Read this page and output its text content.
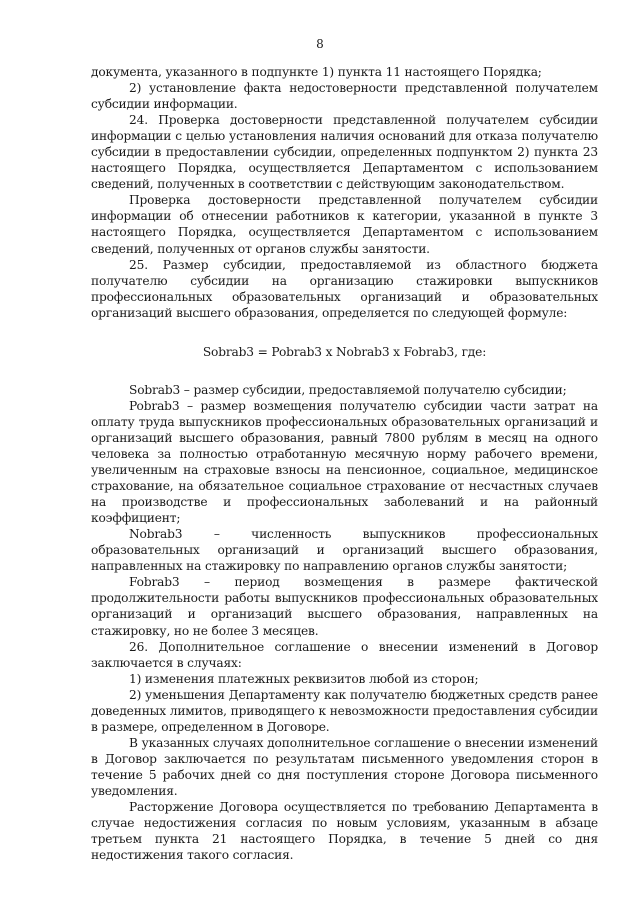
8

документа, указанного в подпункте 1) пункта 11 настоящего Порядка;

2) установление факта недостоверности представленной получателем субсидии информации.

24. Проверка достоверности представленной получателем субсидии информации с целью установления наличия оснований для отказа получателю субсидии в предоставлении субсидии, определенных подпунктом 2) пункта 23 настоящего Порядка, осуществляется Департаментом с использованием сведений, полученных в соответствии с действующим законодательством.

Проверка достоверности представленной получателем субсидии информации об отнесении работников к категории, указанной в пункте 3 настоящего Порядка, осуществляется Департаментом с использованием сведений, полученных от органов службы занятости.

25. Размер субсидии, предоставляемой из областного бюджета получателю субсидии на организацию стажировки выпускников профессиональных образовательных организаций и образовательных организаций высшего образования, определяется по следующей формуле:

Sobrab3 = Pobrab3 x Nobrab3 x Fobrab3, где:

Sobrab3 – размер субсидии, предоставляемой получателю субсидии;

Pobrab3 – размер возмещения получателю субсидии части затрат на оплату труда выпускников профессиональных образовательных организаций и организаций высшего образования, равный 7800 рублям в месяц на одного человека за полностью отработанную месячную норму рабочего времени, увеличенным на страховые взносы на пенсионное, социальное, медицинское страхование, на обязательное социальное страхование от несчастных случаев на производстве и профессиональных заболеваний и на районный коэффициент;

Nobrab3 – численность выпускников профессиональных образовательных организаций и организаций высшего образования, направленных на стажировку по направлению органов службы занятости;

Fobrab3 – период возмещения в размере фактической продолжительности работы выпускников профессиональных образовательных организаций и организаций высшего образования, направленных на стажировку, но не более 3 месяцев.

26. Дополнительное соглашение о внесении изменений в Договор заключается в случаях:

1) изменения платежных реквизитов любой из сторон;

2) уменьшения Департаменту как получателю бюджетных средств ранее доведенных лимитов, приводящего к невозможности предоставления субсидии в размере, определенном в Договоре.

В указанных случаях дополнительное соглашение о внесении изменений в Договор заключается по результатам письменного уведомления сторон в течение 5 рабочих дней со дня поступления стороне Договора письменного уведомления.

Расторжение Договора осуществляется по требованию Департамента в случае недостижения согласия по новым условиям, указанным в абзаце третьем пункта 21 настоящего Порядка, в течение 5 дней со дня недостижения такого согласия.
